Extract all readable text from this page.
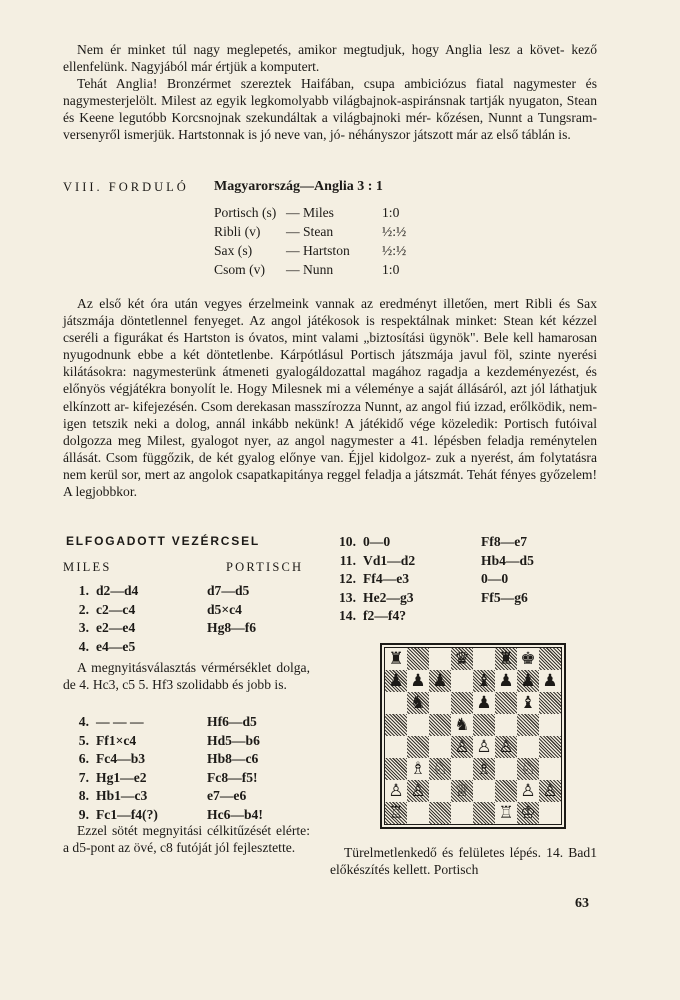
Nem ér minket túl nagy meglepetés, amikor megtudjuk, hogy Anglia lesz a követ- kező ellenfelünk. Nagyjából már értjük a komputert.

Tehát Anglia! Bronzérmet szereztek Haifában, csupa ambiciózus fiatal nagymester és nagymesterjelölt. Milest az egyik legkomolyabb világbajnok-aspiránsnak tartják nyugaton, Stean és Keene legutóbb Korcsnojnak szekundáltak a világbajnoki mér- kőzésen, Nunnt a Tungsram-versenyről ismerjük. Hartstonnak is jó neve van, jó- néhányszor játszott már az első táblán is.

VIII. FORDULÓ Magyarország—Anglia 3 : 1
Portisch (s) — Miles	1:0
Ribli (v)	— Stean	½:½
Sax (s)	— Hartston	½:½
Csom (v)	— Nunn	1:0

Az első két óra után vegyes érzelmeink vannak az eredményt illetően, mert Ribli és Sax játszmája döntetlennel fenyeget. Az angol játékosok is respektálnak minket: Stean két kézzel cseréli a figurákat és Hartston is óvatos, mint valami „biztosítási ügynök". Bele kell hamarosan nyugodnunk ebbe a két döntetlenbe. Kárpótlásul Portisch játszmája javul föl, szinte nyerési kilátásokra: nagymesterünk átmeneti gyalogáldozattal magához ragadja a kezdeményezést, és előnyös végjátékra bonyolít le. Hogy Milesnek mi a véleménye a saját állásáról, azt jól láthatjuk elkínzott ar- kifejezésén. Csom derekasan masszírozza Nunnt, az angol fiú izzad, erőlködik, nem- igen tetszik neki a dolog, annál inkább nekünk! A játékidő vége közeledik: Portisch futóival dolgozza meg Milest, gyalogot nyer, az angol nagymester a 41. lépésben feladja reménytelen állását. Csom függőzik, de két gyalog előnye van. Éjjel kidolgoz- zuk a nyerést, ám folytatásra nem kerül sor, mert az angolok csapatkapitánya reggel feladja a játszmát. Tehát fényes győzelem! A legjobbkor.

ELFOGADOTT VEZÉRCSEL
MILES	PORTISCH
1. d2—d4	d7—d5
2. c2—c4	d5×c4
3. e2—e4	Hg8—f6
4. e4—e5

A megnyitásválasztás vérmérséklet dolga, de 4. Hc3, c5 5. Hf3 szolidabb és jobb is.

4. — — —	Hf6—d5
5. Ff1×c4	Hd5—b6
6. Fc4—b3	Hb8—c6
7. Hg1—e2	Fc8—f5!
8. Hb1—c3	e7—e6
9. Fc1—f4(?)	Hc6—b4!

Ezzel sötét megnyitási célkitűzését elérte: a d5-pont az övé, c8 futóját jól fejlesztette.

10. 0—0	Ff8—e7
11. Vd1—d2	Hb4—d5
12. Ff4—e3	0—0
13. He2—g3	Ff5—g6
14. f2—f4?
♜	♛ ♜ ♚
♟ ♟ ♟ ♝ ♟ ♟ ♟
♞	♟ ♝
♞
♙ ♙ ♙
♗ ♘ ♗ ♘
♙ ♙ ♕	♙ ♙
♖	♖ ♔

Türelmetlenkedő és felületes lépés. 14. Bad1 előkészítés kellett. Portisch

63
